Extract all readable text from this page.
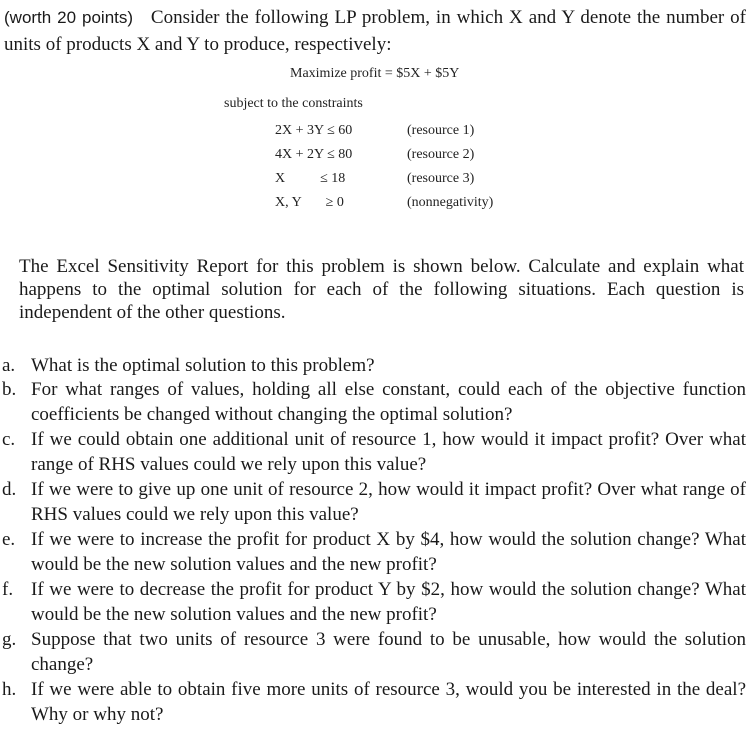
(worth 20 points) Consider the following LP problem, in which X and Y denote the number of units of products X and Y to produce, respectively:
Maximize profit = $5X + $5Y
subject to the constraints
2X + 3Y ≤ 60	(resource 1)
4X + 2Y ≤ 80	(resource 2)
X          ≤ 18	(resource 3)
X, Y       ≥ 0	(nonnegativity)
The Excel Sensitivity Report for this problem is shown below. Calculate and explain what happens to the optimal solution for each of the following situations. Each question is independent of the other questions.
a. What is the optimal solution to this problem?
b. For what ranges of values, holding all else constant, could each of the objective function coefficients be changed without changing the optimal solution?
c. If we could obtain one additional unit of resource 1, how would it impact profit? Over what range of RHS values could we rely upon this value?
d. If we were to give up one unit of resource 2, how would it impact profit? Over what range of RHS values could we rely upon this value?
e. If we were to increase the profit for product X by $4, how would the solution change? What would be the new solution values and the new profit?
f. If we were to decrease the profit for product Y by $2, how would the solution change? What would be the new solution values and the new profit?
g. Suppose that two units of resource 3 were found to be unusable, how would the solution change?
h. If we were able to obtain five more units of resource 3, would you be interested in the deal? Why or why not?
